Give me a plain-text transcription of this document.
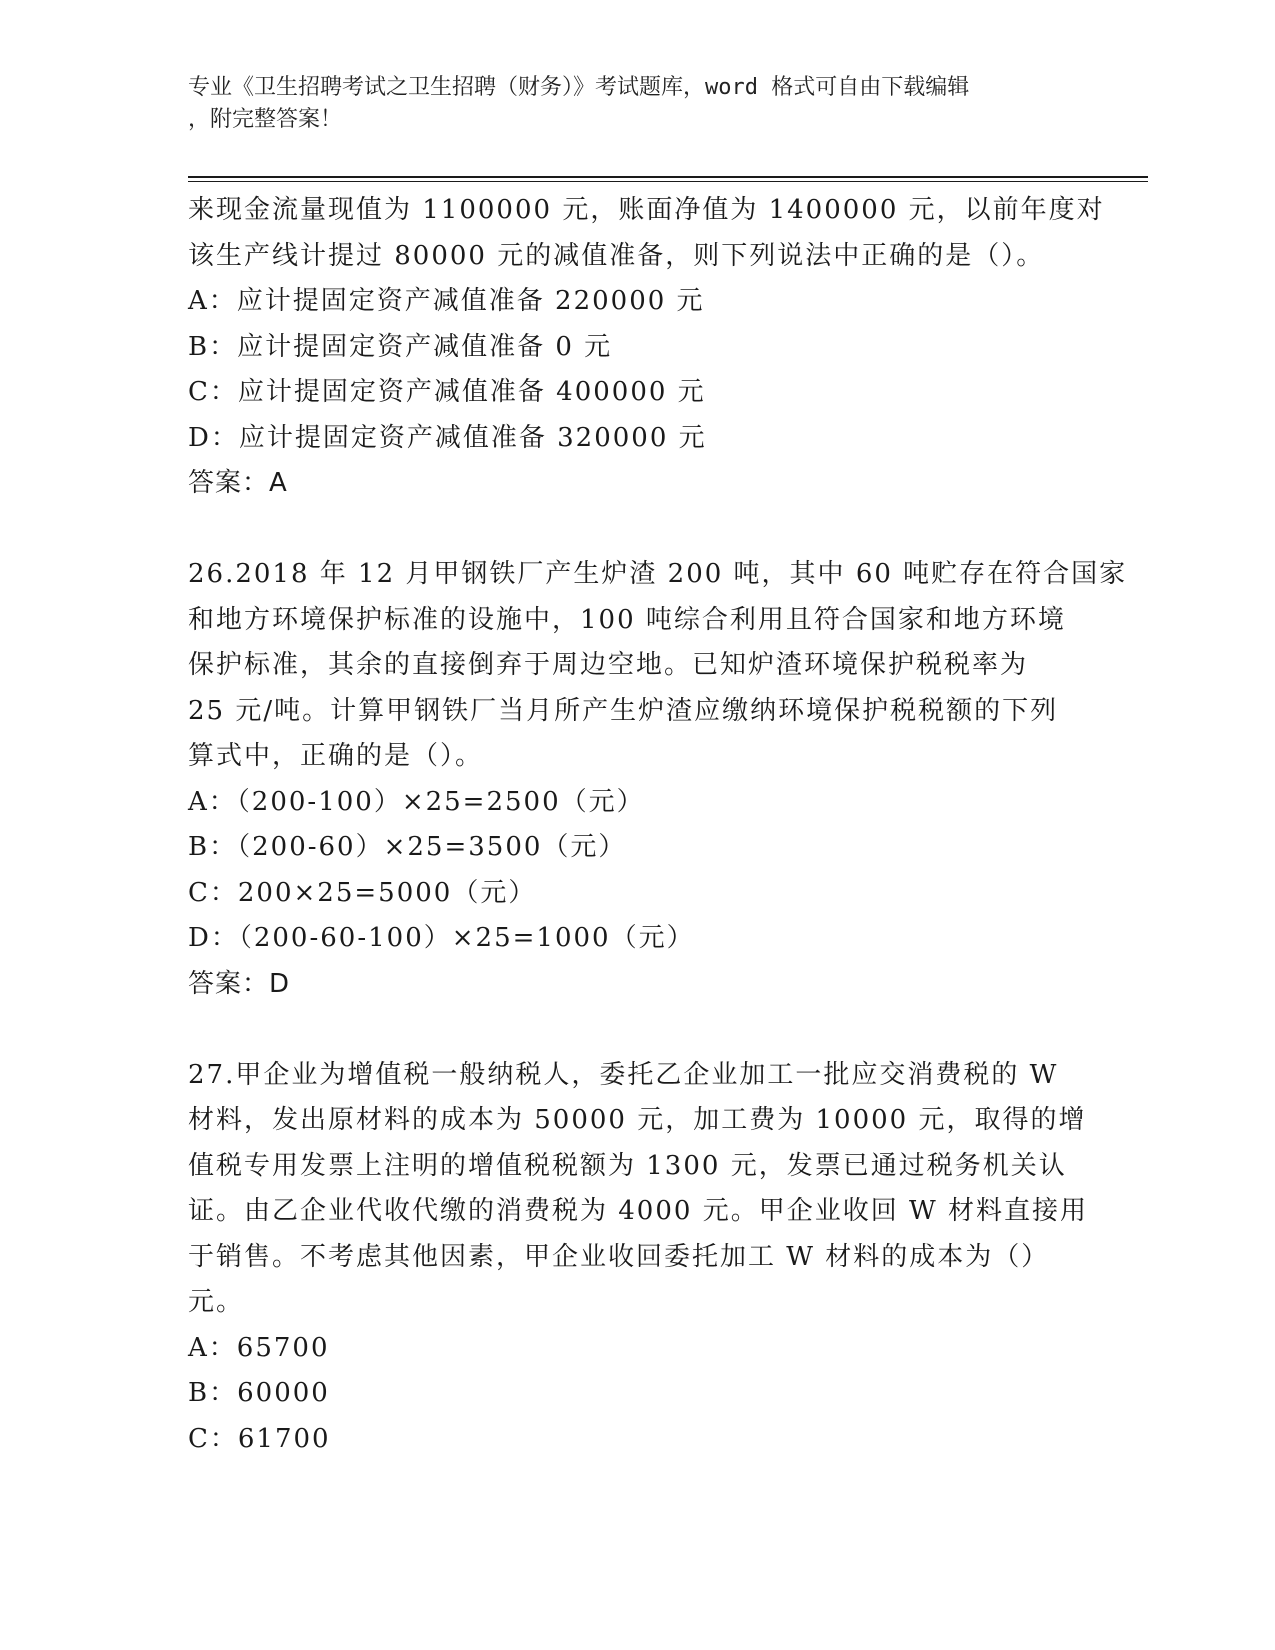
专业《卫生招聘考试之卫生招聘（财务）》考试题库，word 格式可自由下载编辑
，附完整答案！
来现金流量现值为 1100000 元，账面净值为 1400000 元，以前年度对
该生产线计提过 80000 元的减值准备，则下列说法中正确的是（）。
A：应计提固定资产减值准备 220000 元
B：应计提固定资产减值准备 0 元
C：应计提固定资产减值准备 400000 元
D：应计提固定资产减值准备 320000 元
答案：A
26.2018 年 12 月甲钢铁厂产生炉渣 200 吨，其中 60 吨贮存在符合国家
和地方环境保护标准的设施中，100 吨综合利用且符合国家和地方环境
保护标准，其余的直接倒弃于周边空地。已知炉渣环境保护税税率为
25 元/吨。计算甲钢铁厂当月所产生炉渣应缴纳环境保护税税额的下列
算式中，正确的是（）。
A：（200-100）×25=2500（元）
B：（200-60）×25=3500（元）
C：200×25=5000（元）
D：（200-60-100）×25=1000（元）
答案：D
27.甲企业为增值税一般纳税人，委托乙企业加工一批应交消费税的 W
材料，发出原材料的成本为 50000 元，加工费为 10000 元，取得的增
值税专用发票上注明的增值税税额为 1300 元，发票已通过税务机关认
证。由乙企业代收代缴的消费税为 4000 元。甲企业收回 W 材料直接用
于销售。不考虑其他因素，甲企业收回委托加工 W 材料的成本为（）
元。
A：65700
B：60000
C：61700
